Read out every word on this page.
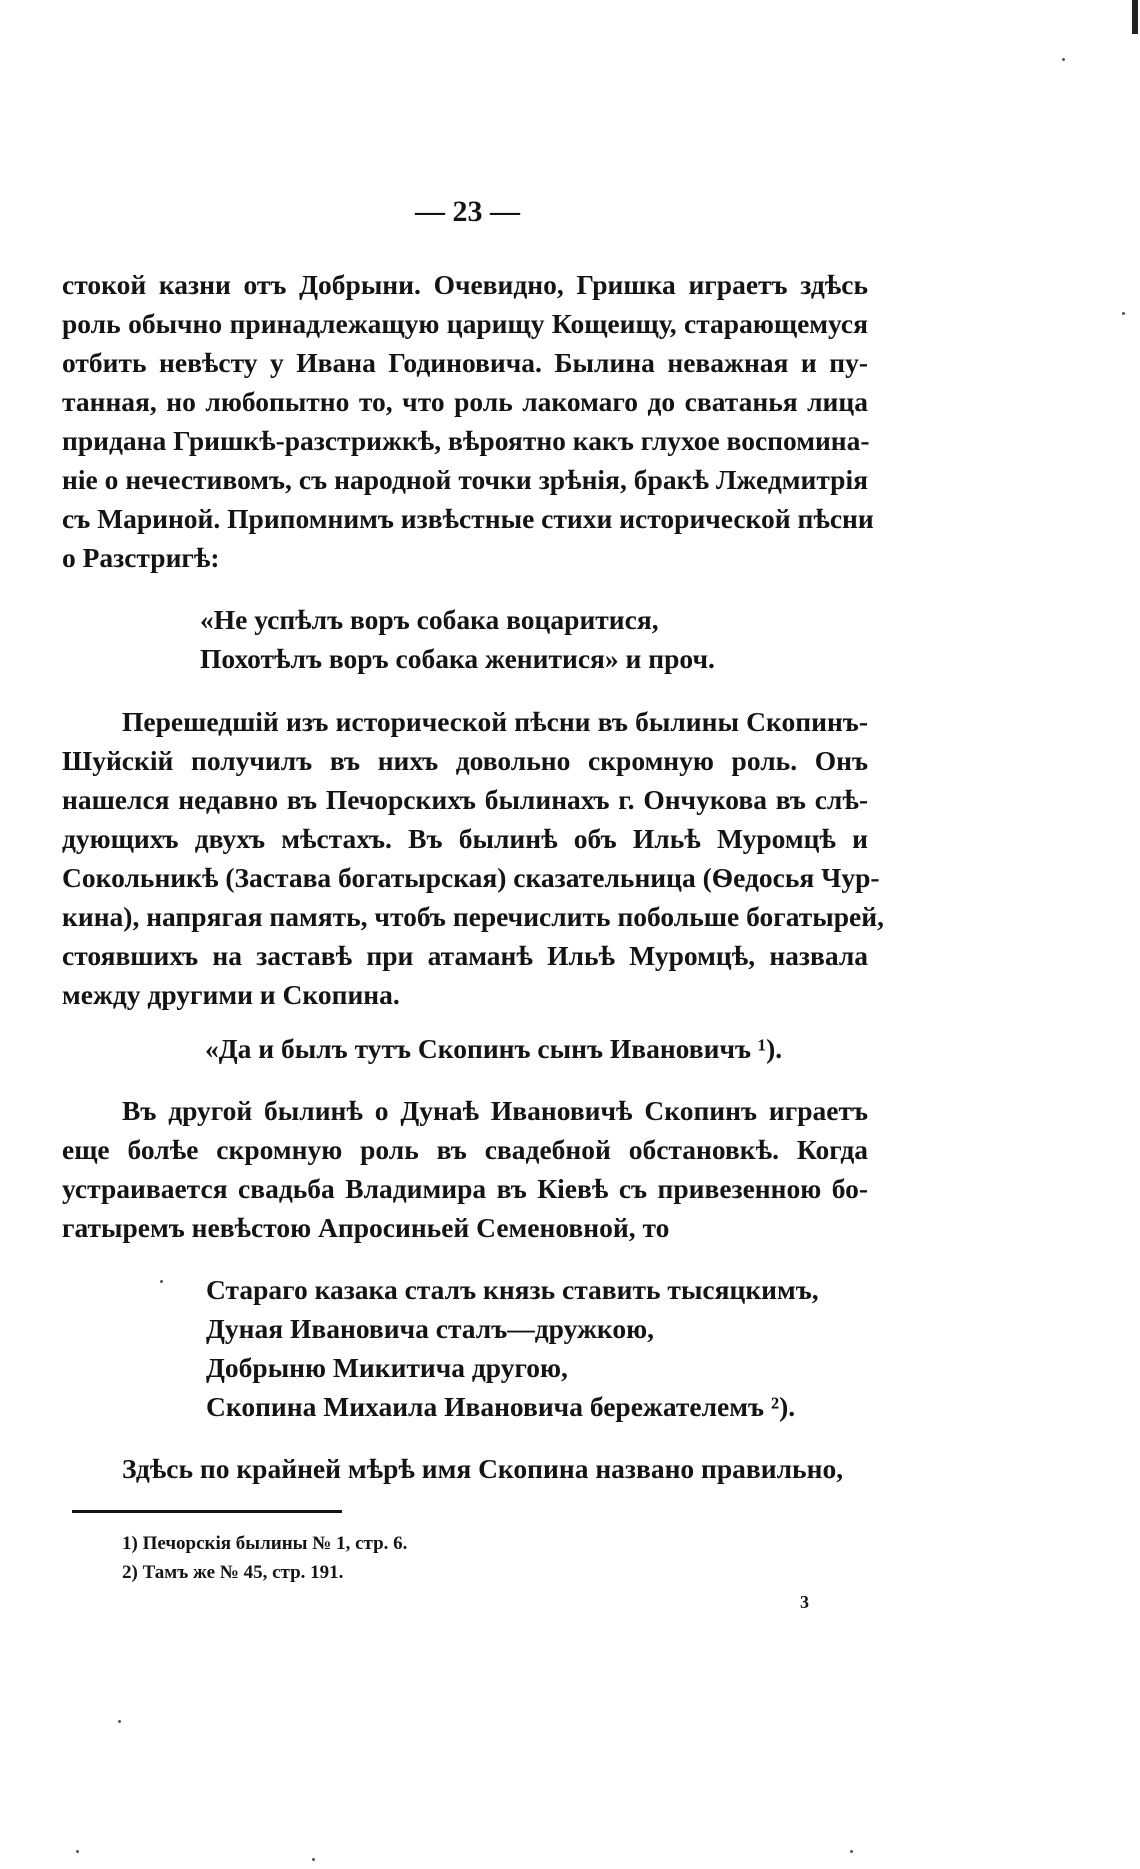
— 23 —
стокой казни отъ Добрыни. Очевидно, Гришка играетъ здѣсь
роль обычно принадлежащую царищу Кощеищу, старающемуся
отбить невѣсту у Ивана Годиновича. Былина неважная и пу-
танная, но любопытно то, что роль лакомаго до сватанья лица
придана Гришкѣ-разстрижкѣ, вѣроятно какъ глухое воспомина-
нiе о нечестивомъ, съ народной точки зрѣнiя, бракѣ Лжедмитрiя
съ Мариной. Припомнимъ извѣстные стихи исторической пѣсни
о Разстригѣ:
«Не успѣлъ воръ собака воцаритися,
Похотѣлъ воръ собака женитися» и проч.
Перешедшiй изъ исторической пѣсни въ былины Скопинъ-
Шуйскiй получилъ въ нихъ довольно скромную роль. Онъ
нашелся недавно въ Печорскихъ былинахъ г. Ончукова въ слѣ-
дующихъ двухъ мѣстахъ. Въ былинѣ объ Ильѣ Муромцѣ и
Сокольникѣ (Застава богатырская) сказательница (Ѳедосья Чур-
кина), напрягая память, чтобъ перечислить побольше богатырей,
стоявшихъ на заставѣ при атаманѣ Ильѣ Муромцѣ, назвала
между другими и Скопина.
«Да и былъ тутъ Скопинъ сынъ Ивановичъ ¹).
Въ другой былинѣ о Дунаѣ Ивановичѣ Скопинъ играетъ
еще болѣе скромную роль въ свадебной обстановкѣ. Когда
устраивается свадьба Владимира въ Кiевѣ съ привезенною бо-
гатыремъ невѣстою Апросиньей Семеновной, то
Стараго казака сталъ князь ставить тысяцкимъ,
Дуная Ивановича сталъ—дружкою,
Добрыню Микитича другою,
Скопина Михаила Ивановича бережателемъ ²).
Здѣсь по крайней мѣрѣ имя Скопина названо правильно,
1) Печорскiя былины № 1, стр. 6.
2) Тамъ же № 45, стр. 191.
3
